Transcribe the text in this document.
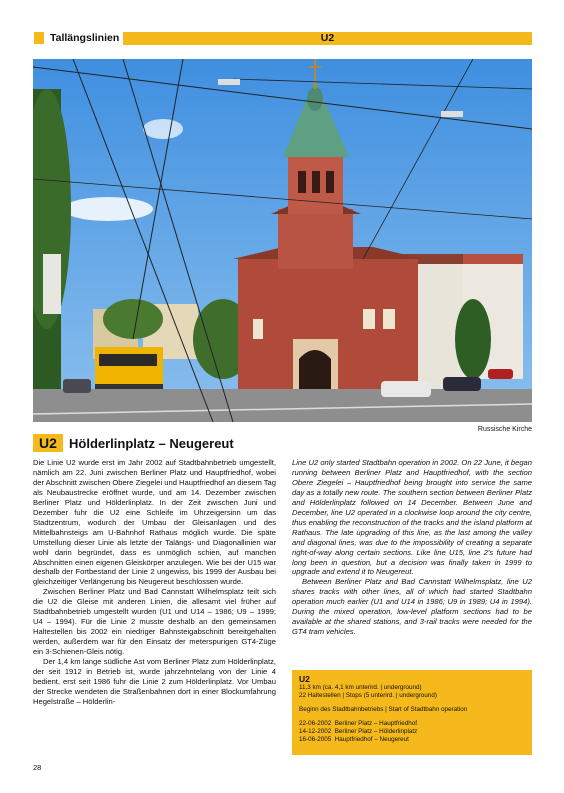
Tallängslinien	U2
Russische Kirche
U2 Hölderlinplatz – Neugereut

Die Linie U2 wurde erst im Jahr 2002 auf Stadtbahnbetrieb umgestellt, nämlich am 22. Juni zwischen Berliner Platz und Hauptfriedhof, wobei der Abschnitt zwischen Obere Ziegelei und Hauptfriedhof an diesem Tag als Neubaustrecke eröffnet wurde, und am 14. Dezember zwischen Berliner Platz und Hölderlinplatz. In der Zeit zwischen Juni und Dezember fuhr die U2 eine Schleife im Uhrzeigersinn um das Stadtzentrum, wodurch der Umbau der Gleisanlagen und des Mittelbahnsteigs am U-Bahnhof Rathaus möglich wurde. Die späte Umstellung dieser Linie als letzte der Talängs- und Diagonallinien war wohl darin begründet, dass es unmöglich schien, auf manchen Abschnitten einen eigenen Gleiskörper anzulegen. Wie bei der U15 war deshalb der Fortbestand der Linie 2 ungewiss, bis 1999 der Ausbau bei gleichzeitiger Verlängerung bis Neugereut beschlossen wurde.

Zwischen Berliner Platz und Bad Cannstatt Wilhelmsplatz teilt sich die U2 die Gleise mit anderen Linien, die allesamt viel früher auf Stadtbahnbetrieb umgestellt wurden (U1 und U14 – 1986; U9 – 1999; U4 – 1994). Für die Linie 2 musste deshalb an den gemeinsamen Haltestellen bis 2002 ein niedriger Bahnsteigabschnitt bereitgehalten werden, außerdem war für den Einsatz der meterspurigen GT4-Züge ein 3-Schienen-Gleis nötig.

Der 1,4 km lange südliche Ast vom Berliner Platz zum Hölderlinplatz, der seit 1912 in Betrieb ist, wurde jahrzehntelang von der Linie 4 bedient, erst seit 1986 fuhr die Linie 2 zum Hölderlinplatz. Vor Umbau der Strecke wendeten die Straßenbahnen dort in einer Blockumfahrung Hegelstraße – Hölderlin-

Line U2 only started Stadtbahn operation in 2002. On 22 June, it began running between Berliner Platz and Hauptfriedhof, with the section Obere Ziegelei – Hauptfriedhof being brought into service the same day as a totally new route. The southern section between Berliner Platz and Hölderlinplatz followed on 14 December. Between June and December, line U2 operated in a clockwise loop around the city centre, thus enabling the reconstruction of the tracks and the island platform at Rathaus. The late upgrading of this line, as the last among the valley and diagonal lines, was due to the impossibility of creating a separate right-of-way along certain sections. Like line U15, line 2's future had long been in question, but a decision was finally taken in 1999 to upgrade and extend it to Neugereut.

Between Berliner Platz and Bad Cannstatt Wilhelmsplatz, line U2 shares tracks with other lines, all of which had started Stadtbahn operation much earlier (U1 and U14 in 1986; U9 in 1989; U4 in 1994). During the mixed operation, low-level platform sections had to be available at the shared stations, and 3-rail tracks were needed for the GT4 tram vehicles.

U2
11,3 km (ca. 4,1 km unterird. | underground)
22 Haltestellen | Stops (5 unterird. | underground)
Beginn des Stadtbahnbetriebs | Start of Stadtbahn operation
22-06-2002 Berliner Platz – Hauptfriedhof
14-12-2002 Berliner Platz – Hölderlinplatz
16-06-2005 Hauptfriedhof – Neugereut
28
